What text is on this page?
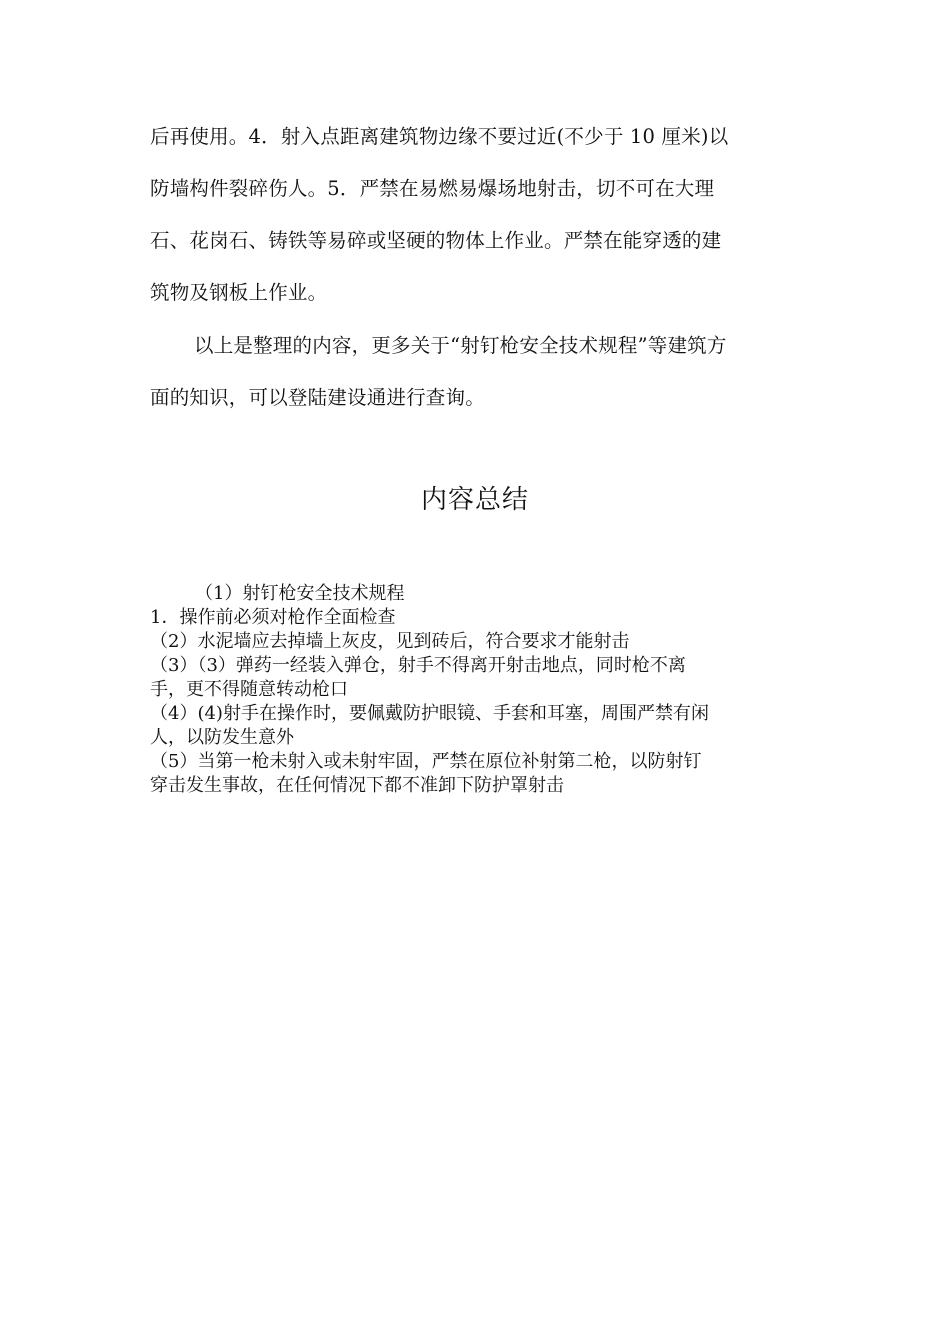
后再使用。4．射入点距离建筑物边缘不要过近(不少于 10 厘米)以
防墙构件裂碎伤人。5．严禁在易燃易爆场地射击，切不可在大理
石、花岗石、铸铁等易碎或坚硬的物体上作业。严禁在能穿透的建
筑物及钢板上作业。
以上是整理的内容，更多关于“射钉枪安全技术规程”等建筑方
面的知识，可以登陆建设通进行查询。
内容总结
（1）射钉枪安全技术规程
1．操作前必须对枪作全面检查
（2）水泥墙应去掉墙上灰皮，见到砖后，符合要求才能射击
（3）（3）弹药一经装入弹仓，射手不得离开射击地点，同时枪不离
手，更不得随意转动枪口
（4）(4)射手在操作时，要佩戴防护眼镜、手套和耳塞，周围严禁有闲
人，以防发生意外
（5）当第一枪未射入或未射牢固，严禁在原位补射第二枪，以防射钉
穿击发生事故，在任何情况下都不准卸下防护罩射击
